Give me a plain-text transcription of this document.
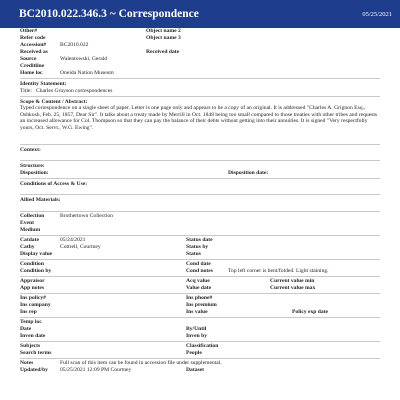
BC2010.022.346.3 ~ Correspondence	05/25/2021
Other#	Object name 2
Refer code	Object name 3
Accession# BC2010.022
Received as	Received date
Source	Walentowski, Gerald
Creditline
Home loc	Oneida Nation Museum
Identity Statement:
Title: Charles Gruyson correspondences
Scope & Content / Abstract:

Typed correspondence on a single sheet of paper. Letter is one page only and appears to be a copy of an original. It is addressed "Charles A. Grignon Esq., Oshkosh, Feb. 25, 1857, Dear Sir". It talks about a treaty made by Merrill in Oct. 1848 being too small compared to those treaties with other tribes and requests an increased allowance for Col. Thompson so that they can pay the balance of their debts without getting into their annuities. It is signed "Very respectfully yours, Oct. Servt., W.G. Ewing".

Context:
Structure:
Disposition:	Disposition date:
Conditions of Access & Use:
Allied Materials:
Collection	Brothertown Collection
Event
Medium
Catdate	05/24/2021	Status date
Catby	Cottrell, Courtney	Status by
Display value	Status
Condition	Cond date
Condition by	Cond notes	Top left corner is bent/folded. Light staining.
Appraisor	Acq value	Current value min
App notes	Value date	Current value max
Ins policy#	Ins phone#
Ins company	Ins premium
Ins rep	Ins value	Policy exp date
Temp loc
Date	By/Until
Inven date	Inven by
Subjects	Classification
Search terms	People
Notes	Full scan of this item can be found in accession file under supplemental.
Updated/by 05/25/2021 12:09 PM Courtney	Dataset
